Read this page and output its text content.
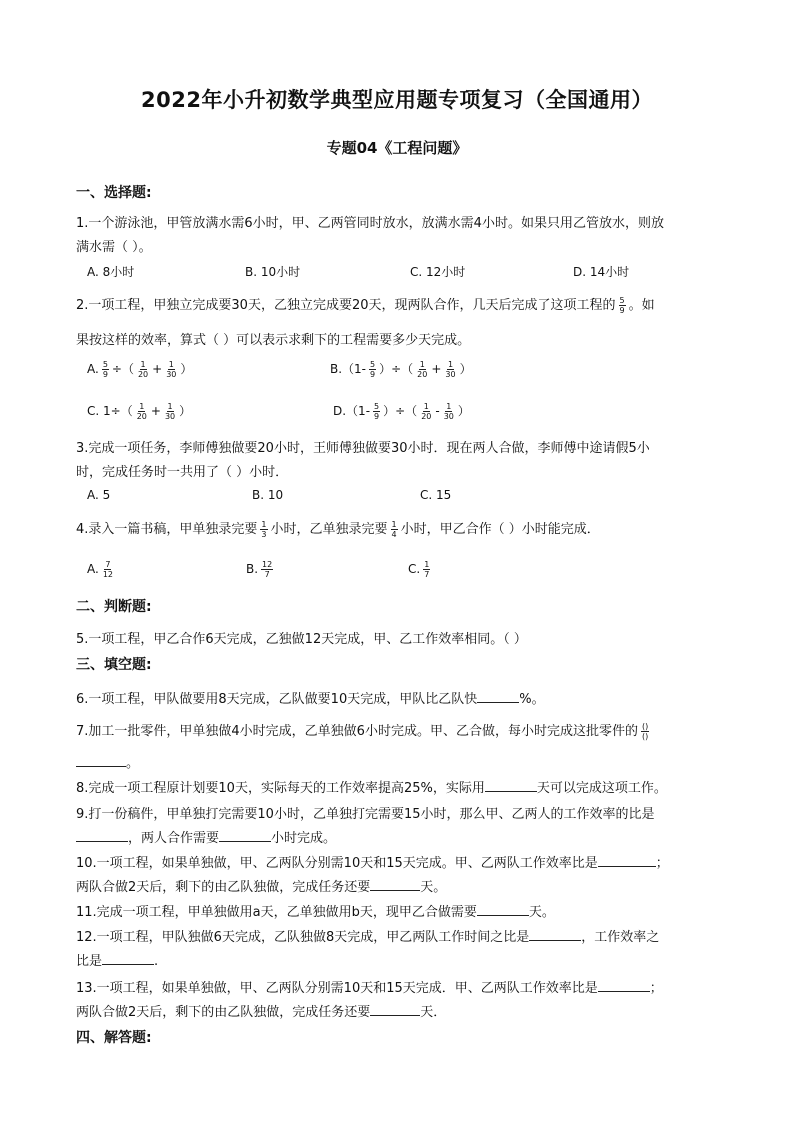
2022年小升初数学典型应用题专项复习（全国通用）
专题04《工程问题》
一、选择题:
1.一个游泳池，甲管放满水需6小时，甲、乙两管同时放水，放满水需4小时。如果只用乙管放水，则放
满水需（ ）。
A. 8小时	B. 10小时	C. 12小时	D. 14小时
2.一项工程，甲独立完成要30天，乙独立完成要20天，现两队合作，几天后完成了这项工程的 $\frac{5}{9}$ 。如
果按这样的效率，算式（ ）可以表示求剩下的工程需要多少天完成。
A. $\frac{5}{9}$ ÷（ $\frac{1}{20} + \frac{1}{30}$ ）	$B.(1- \frac{5}{9}$ ）÷（ $\frac{1}{20} + \frac{1}{30}$ ）
C. $1\div( \frac{1}{20} + \frac{1}{30}$ ）	$D.(1- \frac{5}{9}$ ）÷（ $\frac{1}{20} - \frac{1}{30}$ ）
3.完成一项任务，李师傅独做要20小时，王师傅独做要30小时．现在两人合做，李师傅中途请假5小
时，完成任务时一共用了（ ）小时．
A. 5	B. 10	C. 15
4.录入一篇书稿，甲单独录完要 $\frac{1}{3}$ 小时，乙单独录完要 $\frac{1}{4}$ 小时，甲乙合作（ ）小时能完成．
A. $\frac{7}{12}$	B. $\frac{12}{7}$	C. $\frac{1}{7}$
二、判断题:
5.一项工程，甲乙合作6天完成，乙独做12天完成，甲、乙工作效率相同。（ ）
三、填空题:
6.一项工程，甲队做要用8天完成，乙队做要10天完成，甲队比乙队快	%。
7.加工一批零件，甲单独做4小时完成，乙单独做6小时完成。甲、乙合做，每小时完成这批零件的 $\frac{()}{()}$
。
8.完成一项工程原计划要10天，实际每天的工作效率提高25%，实际用	天可以完成这项工作。
9.打一份稿件，甲单独打完需要10小时，乙单独打完需要15小时，那么甲、乙两人的工作效率的比是
，两人合作需要	小时完成。
10.一项工程，如果单独做，甲、乙两队分别需10天和15天完成。甲、乙两队工作效率比是	；
两队合做2天后，剩下的由乙队独做，完成任务还要	天。
11.完成一项工程，甲单独做用a天，乙单独做用b天，现甲乙合做需要	天。
12.一项工程，甲队独做6天完成，乙队独做8天完成，甲乙两队工作时间之比是	，工作效率之
比是	.
13.一项工程，如果单独做，甲、乙两队分别需10天和15天完成．甲、乙两队工作效率比是	；
两队合做2天后，剩下的由乙队独做，完成任务还要	天．
四、解答题:
